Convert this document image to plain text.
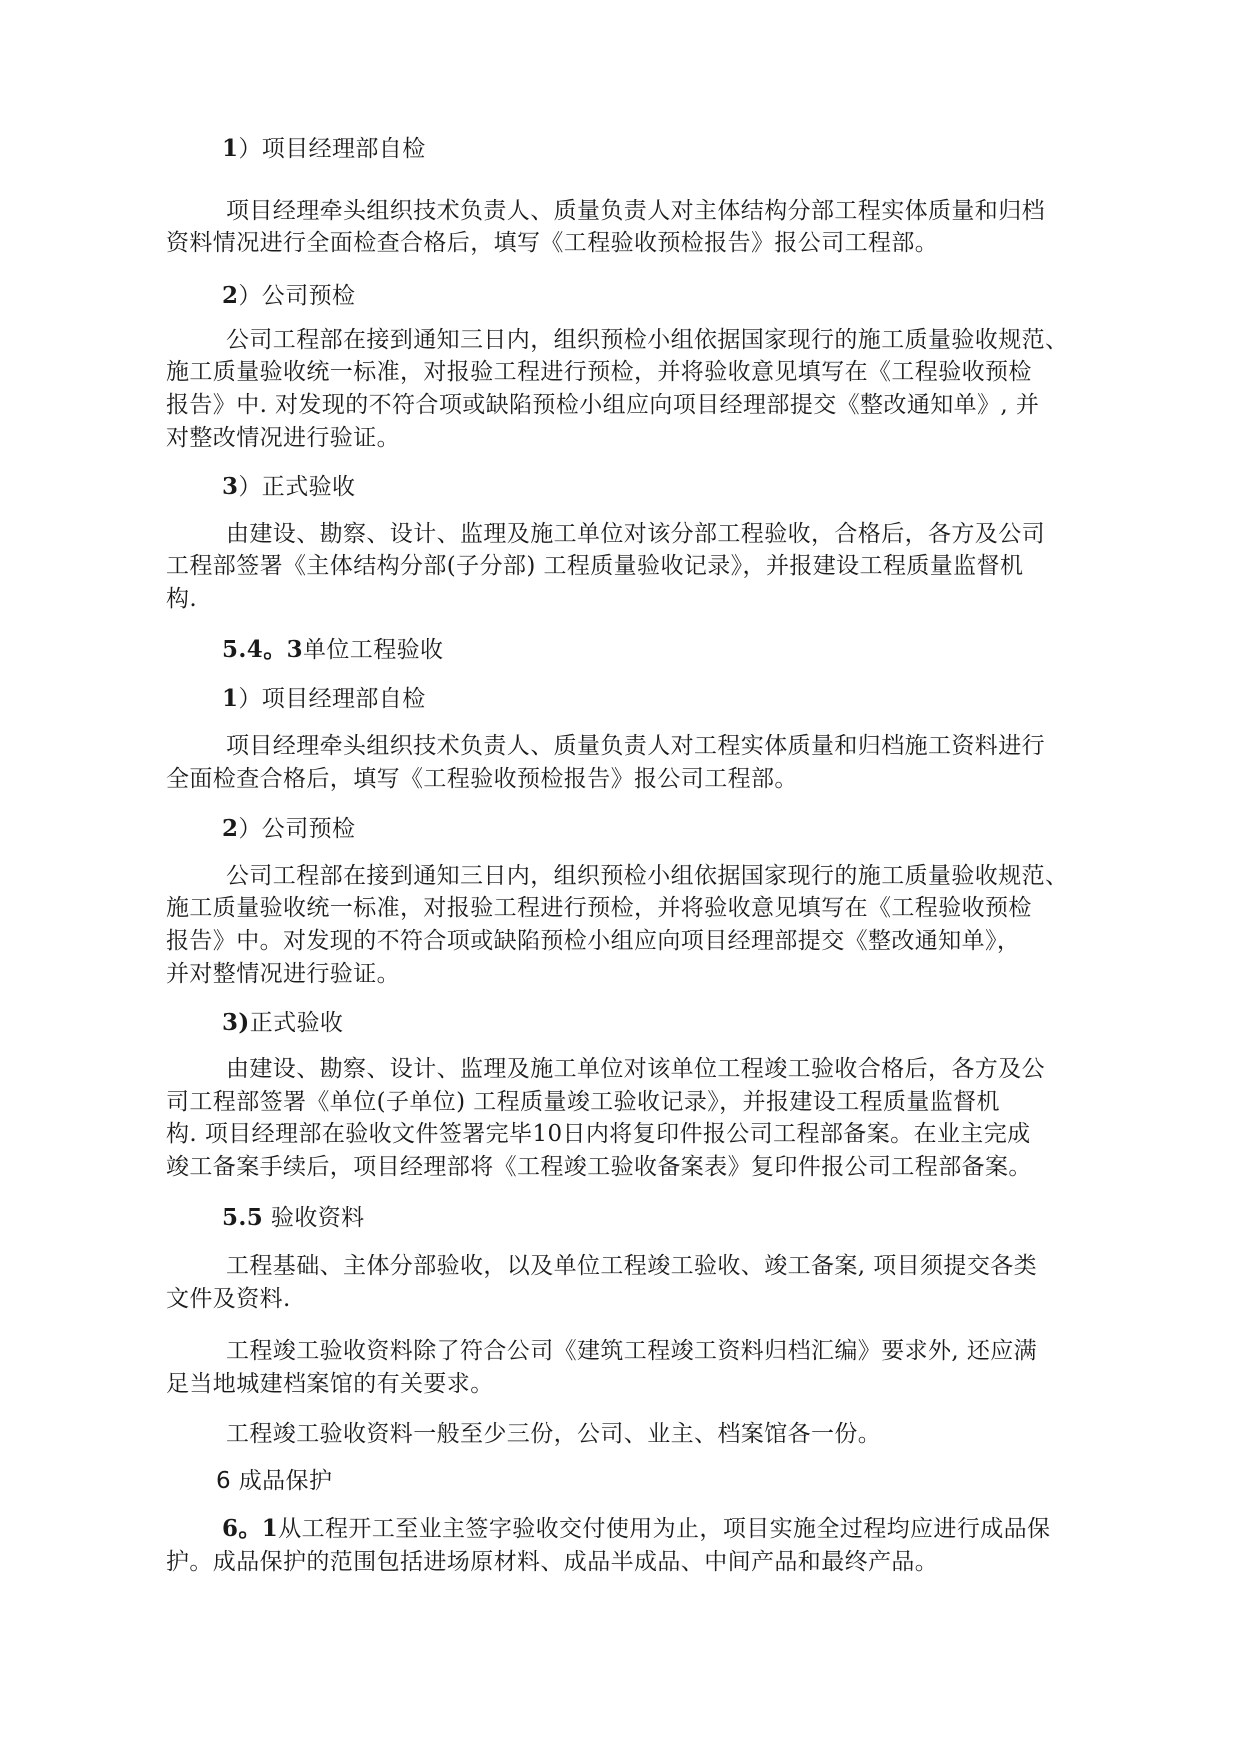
1）项目经理部自检
项目经理牵头组织技术负责人、质量负责人对主体结构分部工程实体质量和归档
资料情况进行全面检查合格后，填写《工程验收预检报告》报公司工程部。
2）公司预检
公司工程部在接到通知三日内，组织预检小组依据国家现行的施工质量验收规范、
施工质量验收统一标准，对报验工程进行预检，并将验收意见填写在《工程验收预检
报告》中. 对发现的不符合项或缺陷预检小组应向项目经理部提交《整改通知单》, 并
对整改情况进行验证。
3）正式验收
由建设、勘察、设计、监理及施工单位对该分部工程验收，合格后，各方及公司
工程部签署《主体结构分部(子分部) 工程质量验收记录》，并报建设工程质量监督机
构.
5.4。3单位工程验收
1）项目经理部自检
项目经理牵头组织技术负责人、质量负责人对工程实体质量和归档施工资料进行
全面检查合格后，填写《工程验收预检报告》报公司工程部。
2）公司预检
公司工程部在接到通知三日内，组织预检小组依据国家现行的施工质量验收规范、
施工质量验收统一标准，对报验工程进行预检，并将验收意见填写在《工程验收预检
报告》中。对发现的不符合项或缺陷预检小组应向项目经理部提交《整改通知单》，
并对整情况进行验证。
3)正式验收
由建设、勘察、设计、监理及施工单位对该单位工程竣工验收合格后，各方及公
司工程部签署《单位(子单位) 工程质量竣工验收记录》，并报建设工程质量监督机
构. 项目经理部在验收文件签署完毕10日内将复印件报公司工程部备案。在业主完成
竣工备案手续后，项目经理部将《工程竣工验收备案表》复印件报公司工程部备案。
5.5 验收资料
工程基础、主体分部验收，以及单位工程竣工验收、竣工备案, 项目须提交各类
文件及资料.
工程竣工验收资料除了符合公司《建筑工程竣工资料归档汇编》要求外, 还应满
足当地城建档案馆的有关要求。
工程竣工验收资料一般至少三份，公司、业主、档案馆各一份。
6 成品保护
6。1从工程开工至业主签字验收交付使用为止，项目实施全过程均应进行成品保
护。成品保护的范围包括进场原材料、成品半成品、中间产品和最终产品。
